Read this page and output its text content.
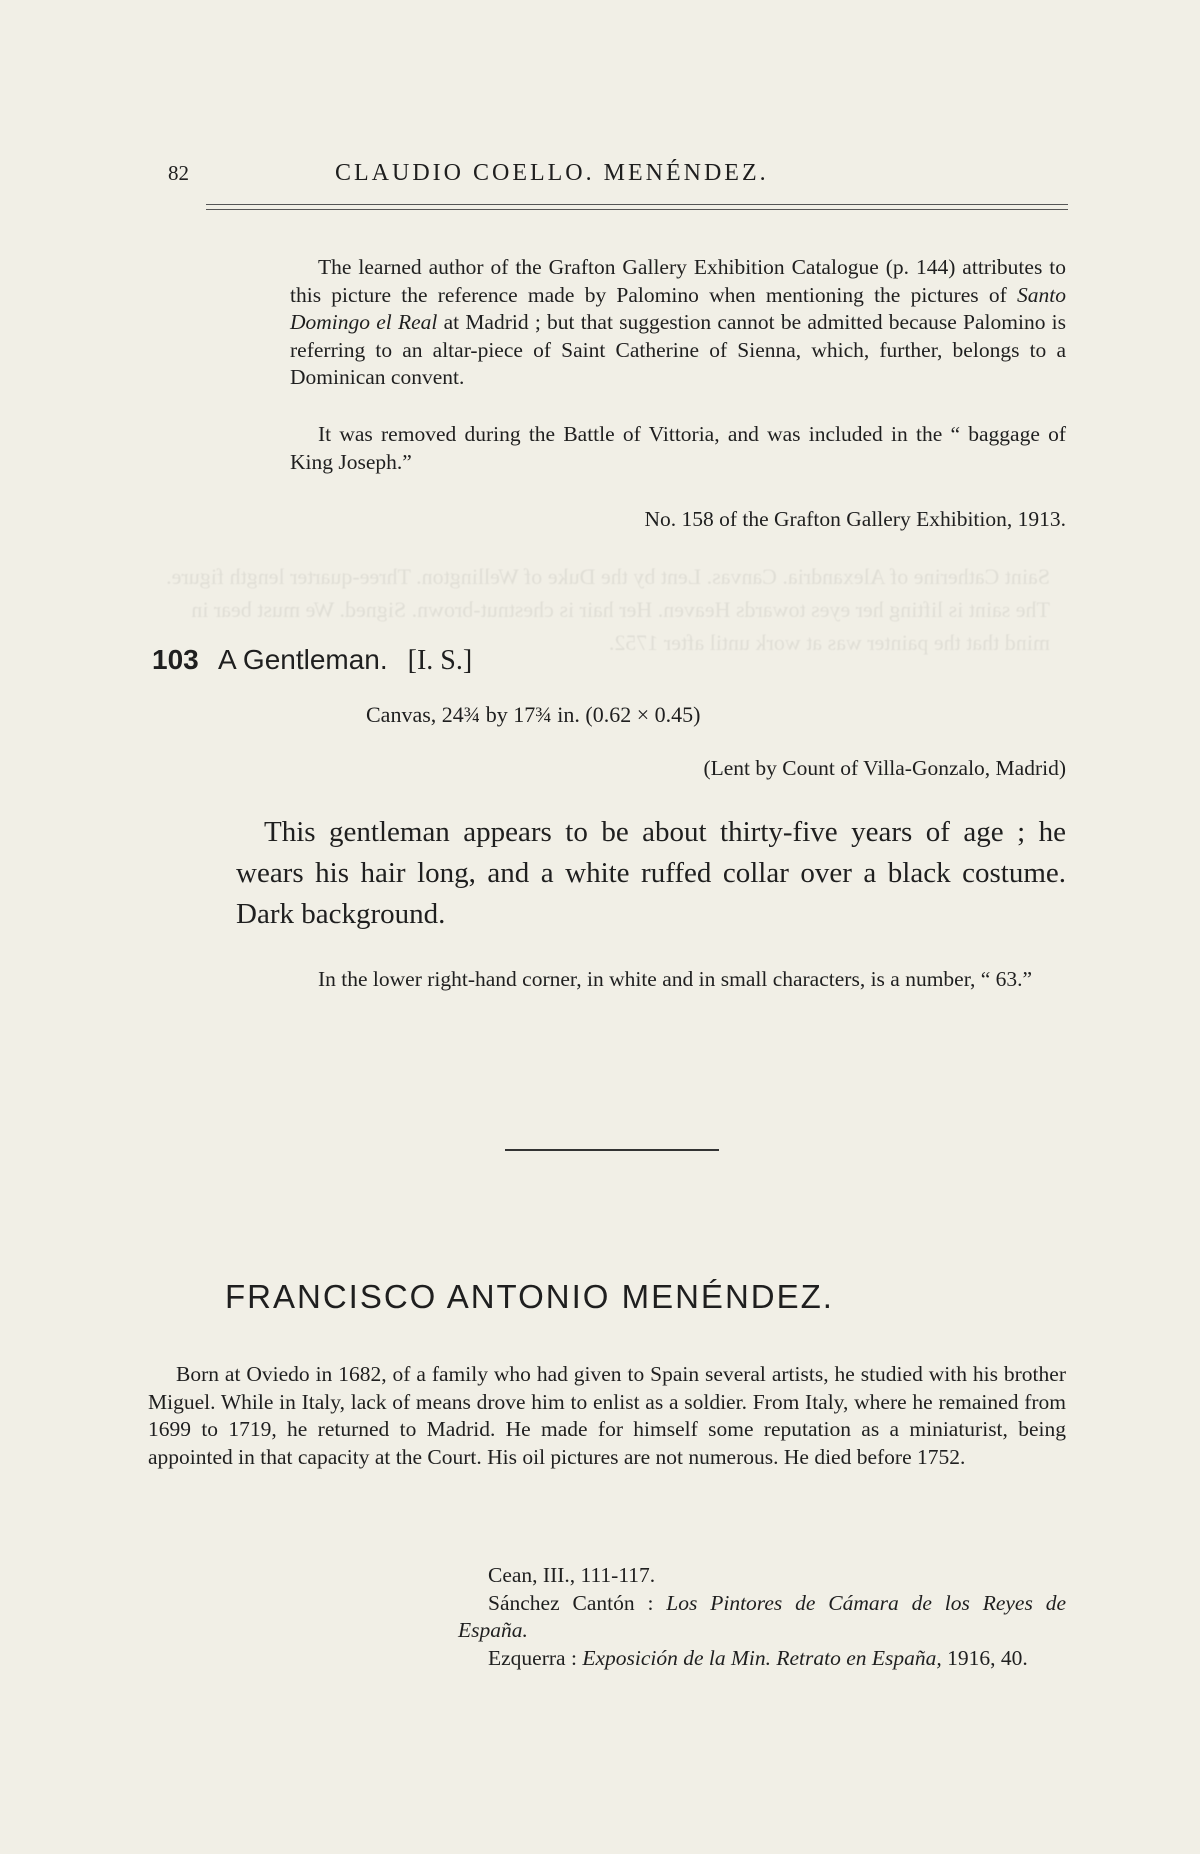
Saint Catherine of Alexandria. Canvas. Lent by the Duke of Wellington. Three-quarter length figure. The saint is lifting her eyes towards Heaven. Her hair is chestnut-brown. Signed. We must bear in mind that the painter was at work until after 1752.
82	CLAUDIO COELLO. MENÉNDEZ.
The learned author of the Grafton Gallery Exhibition Catalogue (p. 144) attributes to this picture the reference made by Palomino when mentioning the pictures of Santo Domingo el Real at Madrid ; but that suggestion cannot be admitted because Palomino is referring to an altar-piece of Saint Catherine of Sienna, which, further, belongs to a Dominican convent.
It was removed during the Battle of Vittoria, and was included in the “ baggage of King Joseph.”
No. 158 of the Grafton Gallery Exhibition, 1913.
103 A Gentleman. [I. S.]
Canvas, 24¾ by 17¾ in. (0.62 × 0.45)
(Lent by Count of Villa-Gonzalo, Madrid)
This gentleman appears to be about thirty-five years of age ; he wears his hair long, and a white ruffed collar over a black costume. Dark background.
In the lower right-hand corner, in white and in small characters, is a number, “ 63.”
FRANCISCO ANTONIO MENÉNDEZ.
Born at Oviedo in 1682, of a family who had given to Spain several artists, he studied with his brother Miguel. While in Italy, lack of means drove him to enlist as a soldier. From Italy, where he remained from 1699 to 1719, he returned to Madrid. He made for himself some reputation as a miniaturist, being appointed in that capacity at the Court. His oil pictures are not numerous. He died before 1752.
Cean, III., 111-117.
Sánchez Cantón : Los Pintores de Cámara de los Reyes de España.
Ezquerra : Exposición de la Min. Retrato en España, 1916, 40.
